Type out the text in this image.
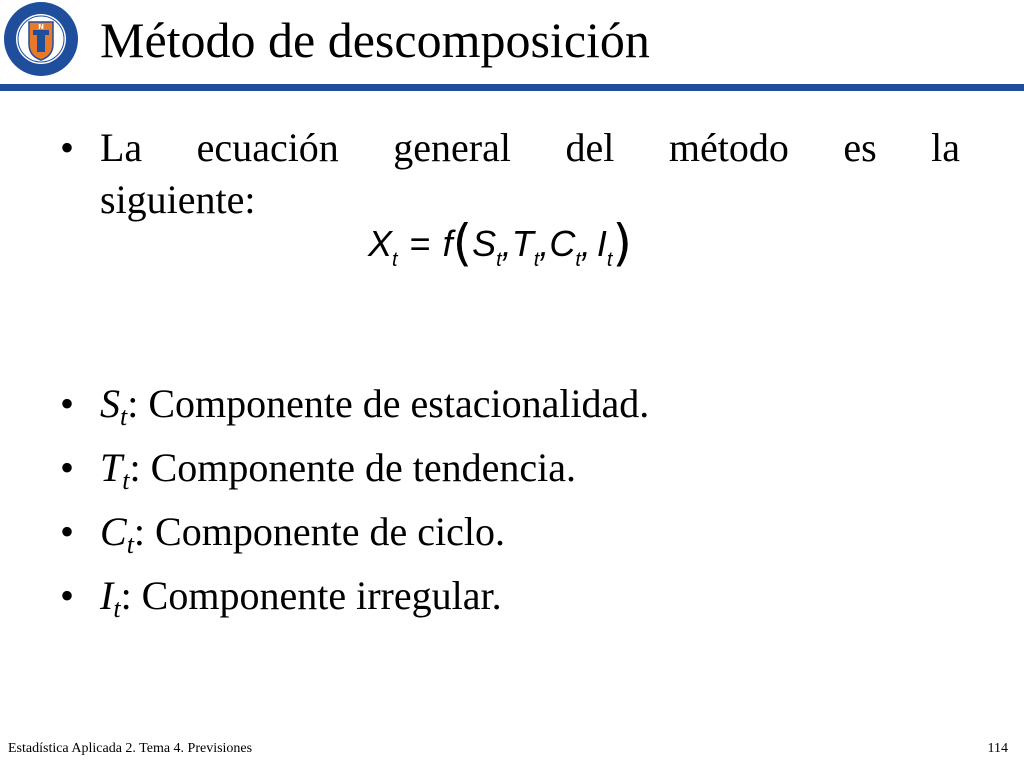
N Método de descomposición
• La ecuación general del método es la
siguiente:
$X_t = f(S_t,T_t,C_t$, $I_t$)
• $S_t$: Componente de estacionalidad.
• $T_t$: Componente de tendencia.
• $C_t$: Componente de ciclo.
• $I_t$: Componente irregular.
Estadística Aplicada 2. Tema 4. Previsiones	114
